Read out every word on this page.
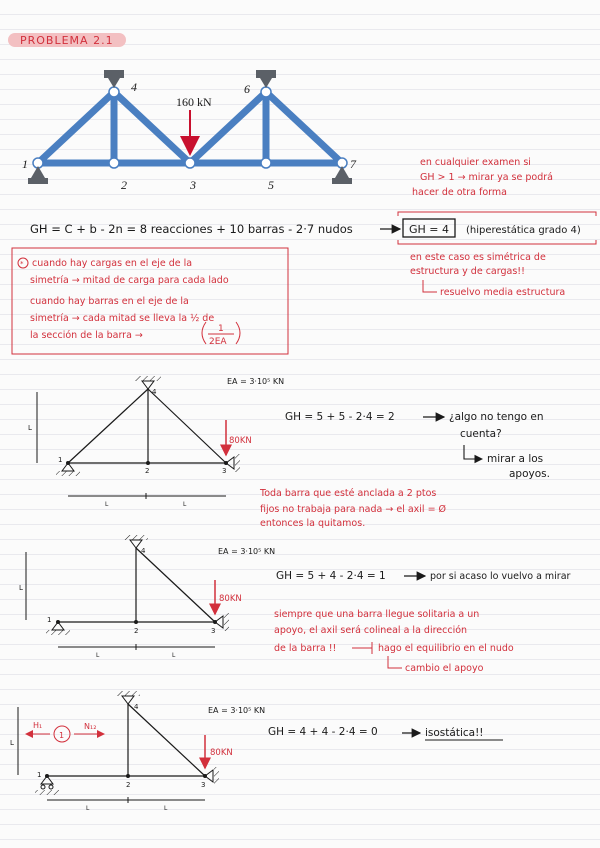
PROBLEMA 2.1
160 kN
1
2	3
4
5
6
7	en cualquier examen si
GH > 1 → mirar ya se podrá
hacer de otra forma
GH = C + b - 2n = 8 reacciones + 10 barras - 2·7 nudos	GH = 4 (hiperestática grado 4)
en este caso es simétrica de
estructura y de cargas!!
resuelvo media estructura
* cuando hay cargas en el eje de la
simetría → mitad de carga para cada lado
cuando hay barras en el eje de la
simetría → cada mitad se lleva la ½ de
la sección de la barra →
1
2EA
80KN
EA = 3·10⁵ KN
1
2	3
4
L
L	L
GH = 5 + 5 - 2·4 = 2	¿algo no tengo en
cuenta?
mirar a los
apoyos.
Toda barra que esté anclada a 2 ptos
fijos no trabaja para nada → el axil = Ø
entonces la quitamos.
80KN
EA = 3·10⁵ KN
1
2	3
4
L
L	L
GH = 5 + 4 - 2·4 = 1	por si acaso lo vuelvo a mirar
siempre que una barra llegue solitaria a un
apoyo, el axil será colineal a la dirección
de la barra !!	hago el equilibrio en el nudo
cambio el apoyo
80KN
EA = 3·10⁵ KN
1
2	3
4
L
L	L
H₁
1
N₁₂	GH = 4 + 4 - 2·4 = 0	isostática!!
